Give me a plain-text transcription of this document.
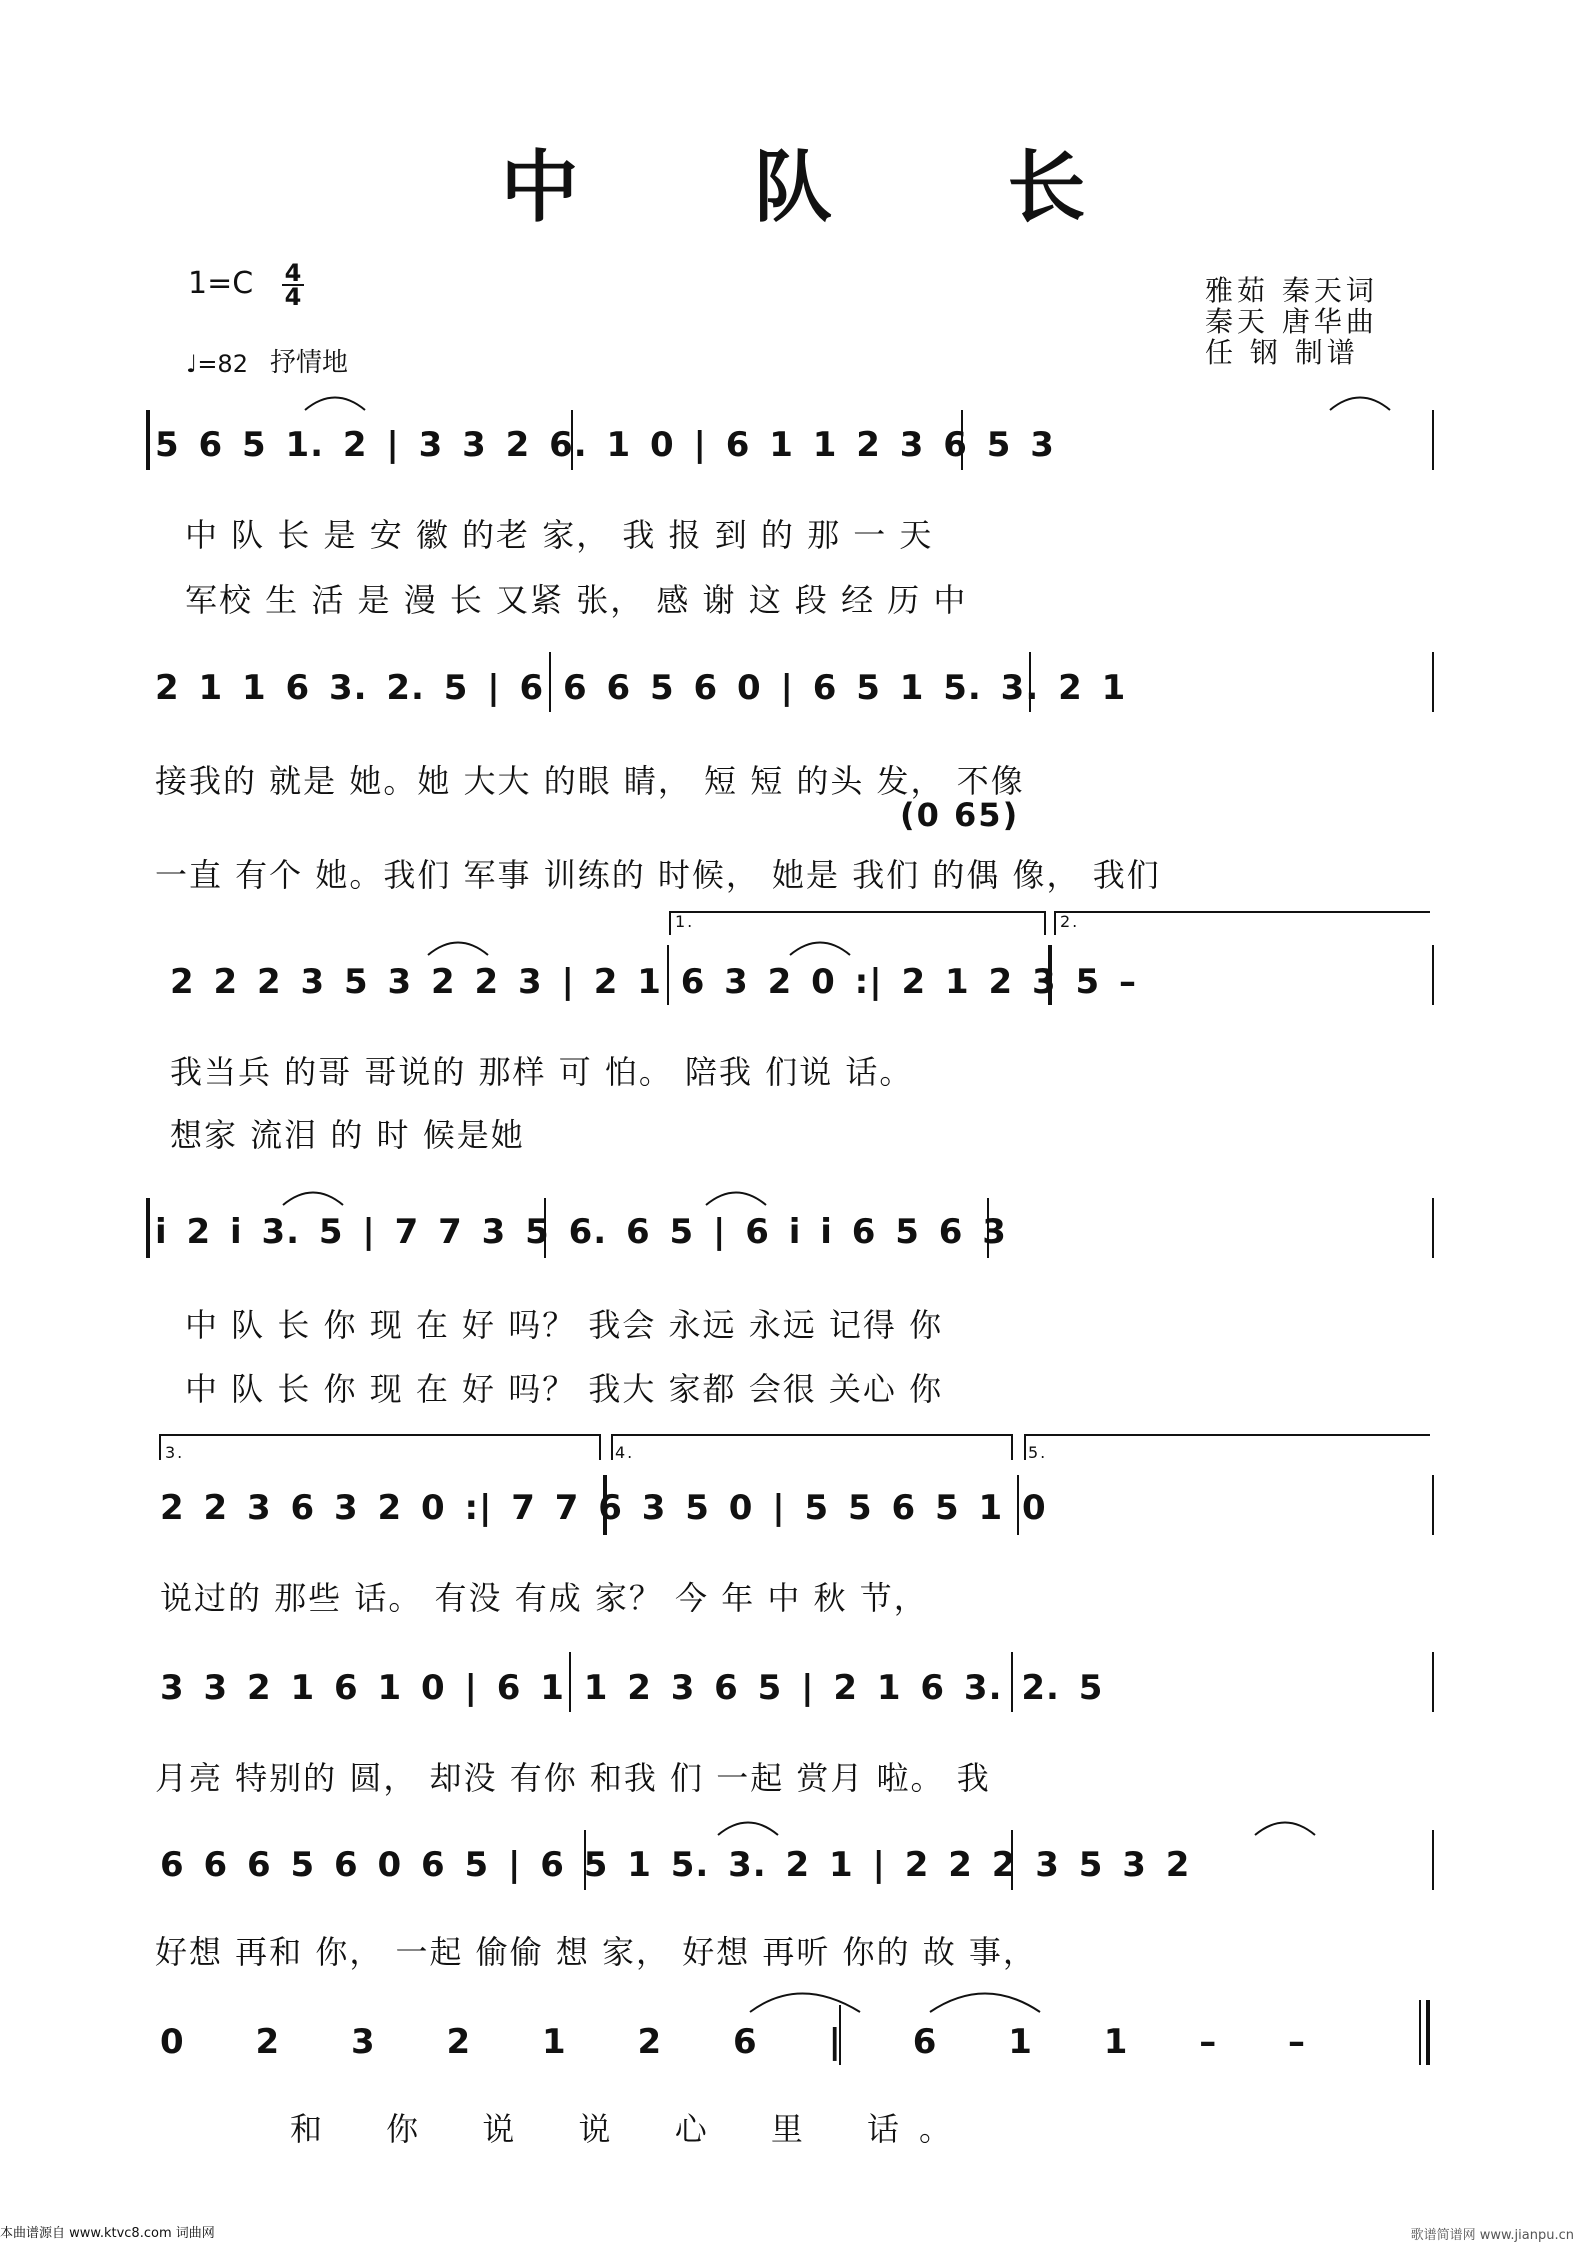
中 队 长
1=C 4
4
♩=82 抒情地
雅茹 秦天词
秦天 唐华曲
任 钢 制谱
5 6 5 1. 2 | 3 3 2 6. 1 0 | 6 1 1 2 3 6 5 3
中 队 长 是 安 徽 的老 家， 我 报 到 的 那 一 天
军校 生 活 是 漫 长 又紧 张， 感 谢 这 段 经 历 中
2 1 1 6 3. 2. 5 | 6 6 6 5 6 0 | 6 5 1 5. 3. 2 1
接我的 就是 她。她 大大 的眼 睛， 短 短 的头 发， 不像
(0 65)
一直 有个 她。我们 军事 训练的 时候， 她是 我们 的偶 像， 我们
2 2 2 3 5 3 2 2 3 | 2 1 6 3 2 0 :| 2 1 2 3 5 –
我当兵 的哥 哥说的 那样 可 怕。 陪我 们说 话。
想家 流泪 的 时 候是她
1.	2.
i 2 i 3. 5 | 7 7 3 5 6. 6 5 | 6 i i 6 5 6 3
中 队 长 你 现 在 好 吗？ 我会 永远 永远 记得 你
中 队 长 你 现 在 好 吗？ 我大 家都 会很 关心 你
2 2 3 6 3 2 0 :| 7 7 6 3 5 0 | 5 5 6 5 1 0
说过的 那些 话。 有没 有成 家？ 今 年 中 秋 节，
3.	4.	5.
3 3 2 1 6 1 0 | 6 1 1 2 3 6 5 | 2 1 6 3. 2. 5
月亮 特别的 圆， 却没 有你 和我 们 一起 赏月 啦。 我
6 6 6 5 6 0 6 5 | 6 5 1 5. 3. 2 1 | 2 2 2 3 5 3 2
好想 再和 你， 一起 偷偷 想 家， 好想 再听 你的 故 事，
0 2 3 2 1 2 6 | 6 1 1 – –
和 你 说 说 心 里 话。
本曲谱源自 www.ktvc8.com 词曲网	歌谱简谱网 www.jianpu.cn
